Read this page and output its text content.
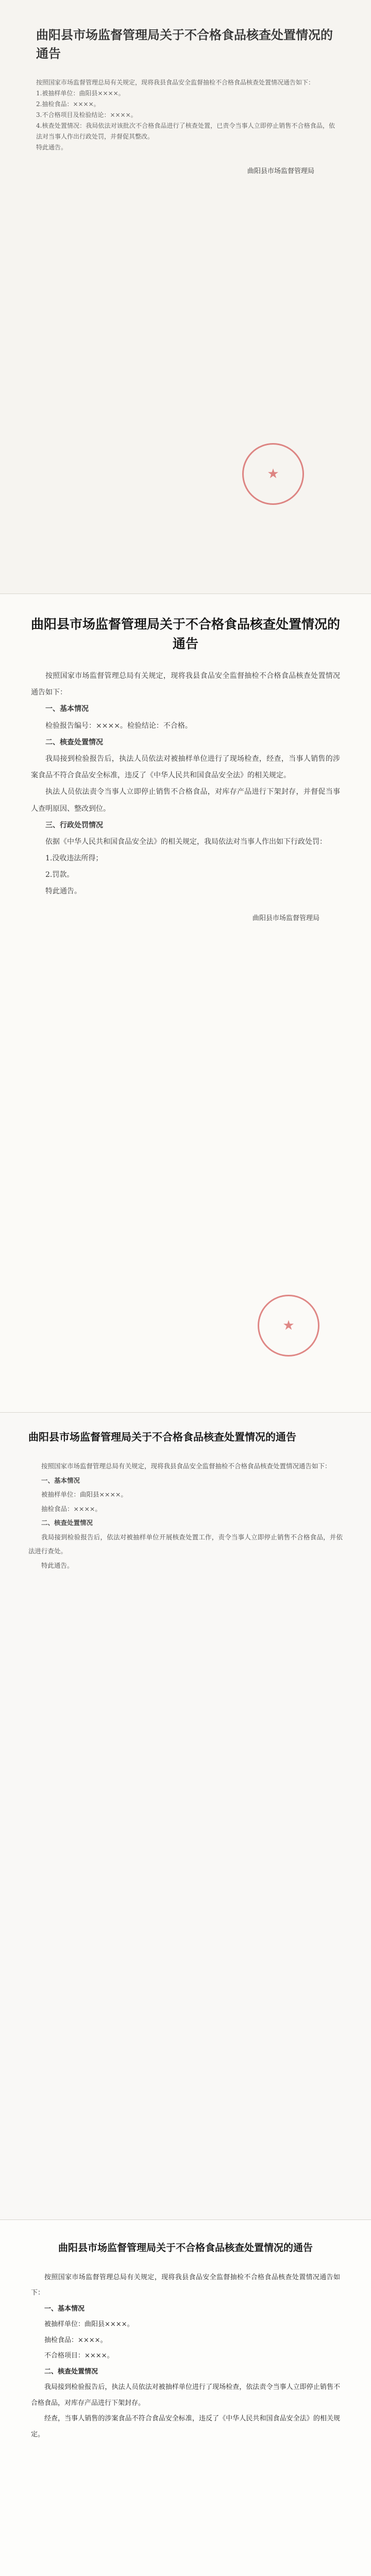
曲阳县市场监督管理局关于不合格食品核查处置情况的通告

按照国家市场监督管理总局有关规定，现将我县食品安全监督抽检不合格食品核查处置情况通告如下：

1.被抽样单位：曲阳县××××。

2.抽检食品：××××。

3.不合格项目及检验结论：××××。

4.核查处置情况：我局依法对该批次不合格食品进行了核查处置，已责令当事人立即停止销售不合格食品，依法对当事人作出行政处罚，并督促其整改。

特此通告。

曲阳县市场监督管理局
★
曲阳县市场监督管理局关于不合格食品核查处置情况的通告

按照国家市场监督管理总局有关规定，现将我县食品安全监督抽检不合格食品核查处置情况通告如下：

一、基本情况

检验报告编号：××××。检验结论：不合格。

二、核查处置情况

我局接到检验报告后，执法人员依法对被抽样单位进行了现场检查，经查，当事人销售的涉案食品不符合食品安全标准，违反了《中华人民共和国食品安全法》的相关规定。

执法人员依法责令当事人立即停止销售不合格食品，对库存产品进行下架封存，并督促当事人查明原因、整改到位。

三、行政处罚情况

依据《中华人民共和国食品安全法》的相关规定，我局依法对当事人作出如下行政处罚：

1.没收违法所得；

2.罚款。

特此通告。

曲阳县市场监督管理局
★
曲阳县市场监督管理局关于不合格食品核查处置情况的通告

按照国家市场监督管理总局有关规定，现将我县食品安全监督抽检不合格食品核查处置情况通告如下：

一、基本情况

被抽样单位：曲阳县××××。

抽检食品：××××。

二、核查处置情况

我局接到检验报告后，依法对被抽样单位开展核查处置工作，责令当事人立即停止销售不合格食品，并依法进行查处。

特此通告。

曲阳县市场监督管理局关于不合格食品核查处置情况的通告

按照国家市场监督管理总局有关规定，现将我县食品安全监督抽检不合格食品核查处置情况通告如下：

一、基本情况

被抽样单位：曲阳县××××。

抽检食品：××××。

不合格项目：××××。

二、核查处置情况

我局接到检验报告后，执法人员依法对被抽样单位进行了现场检查，依法责令当事人立即停止销售不合格食品，对库存产品进行下架封存。

经查，当事人销售的涉案食品不符合食品安全标准，违反了《中华人民共和国食品安全法》的相关规定。
